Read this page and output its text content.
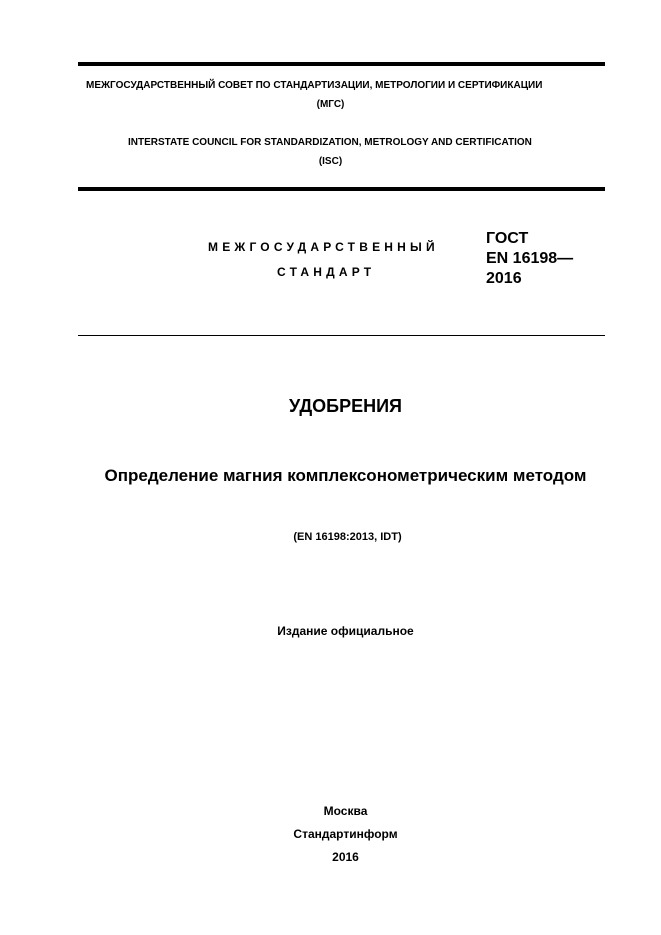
МЕЖГОСУДАРСТВЕННЫЙ СОВЕТ ПО СТАНДАРТИЗАЦИИ, МЕТРОЛОГИИ И СЕРТИФИКАЦИИ
(МГС)
INTERSTATE COUNCIL FOR STANDARDIZATION, METROLOGY AND CERTIFICATION
(ISC)
МЕЖГОСУДАРСТВЕННЫЙ
СТАНДАРТ
ГОСТ
EN 16198—
2016
УДОБРЕНИЯ
Определение магния комплексонометрическим методом
(EN 16198:2013, IDT)
Издание официальное
Москва
Стандартинформ
2016
